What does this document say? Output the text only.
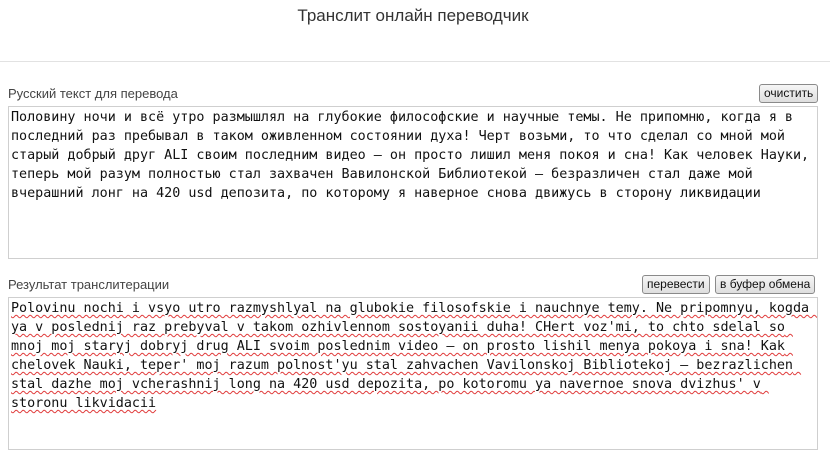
Транслит онлайн переводчик
Русский текст для перевода	очистить
Половину ночи и всё утро размышлял на глубокие философские и научные темы. Не припомню, когда я в последний раз пребывал в таком оживленном состоянии духа! Черт возьми, то что сделал со мной мой старый добрый друг ALI своим последним видео — он просто лишил меня покоя и сна! Как человек Науки, теперь мой разум полностью стал захвачен Вавилонской Библиотекой — безразличен стал даже мой вчерашний лонг на 420 usd депозита, по которому я наверное снова движусь в сторону ликвидации
Результат транслитерации	перевести	в буфер обмена
Polovinu nochi i vsyo utro razmyshlyal na glubokie filosofskie i nauchnye temy. Ne pripomnyu, kogda ya v poslednij raz prebyval v takom ozhivlennom sostoyanii duha! CHert voz'mi, to chto sdelal so mnoj moj staryj dobryj drug ALI svoim poslednim video — on prosto lishil menya pokoya i sna! Kak chelovek Nauki, teper' moj razum polnost'yu stal zahvachen Vavilonskoj Bibliotekoj — bezrazlichen stal dazhe moj vcherashnij long na 420 usd depozita, po kotoromu ya navernoe snova dvizhus' v storonu likvidacii
